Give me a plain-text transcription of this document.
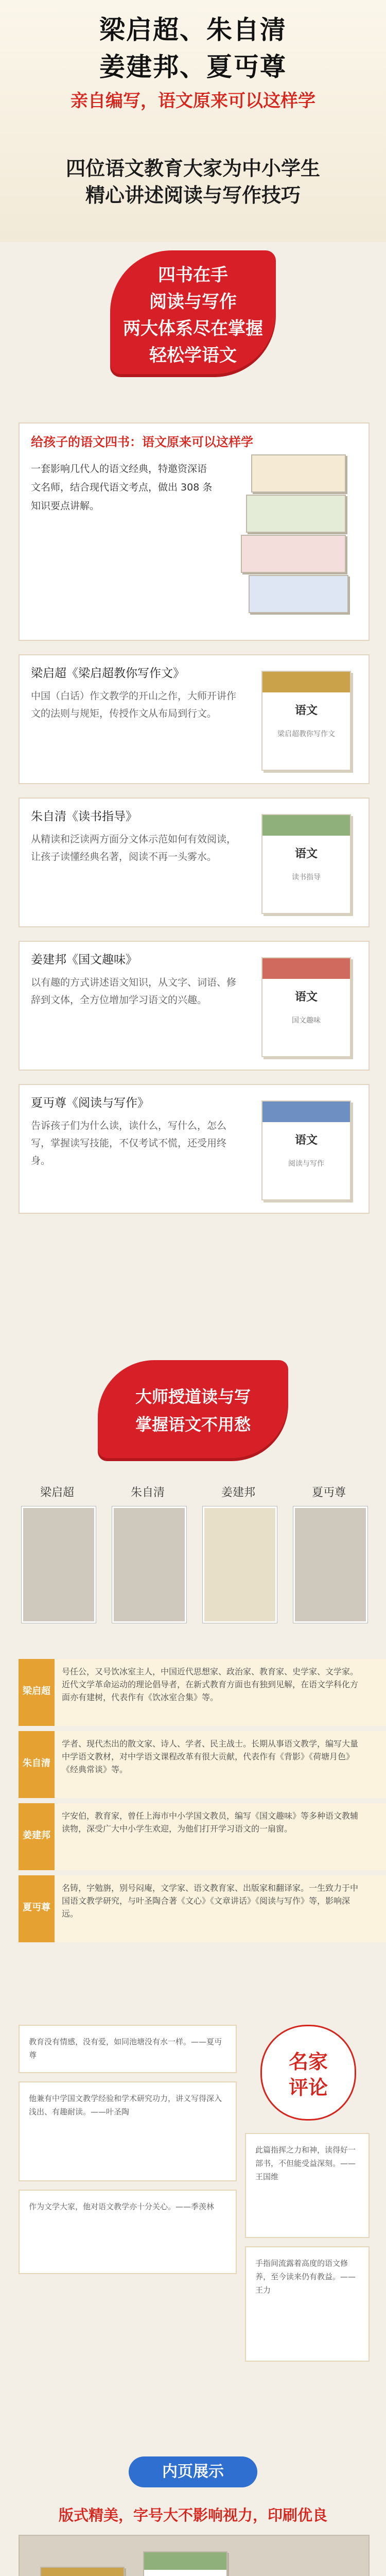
梁启超、朱自清
姜建邦、夏丏尊
亲自编写，语文原来可以这样学
四位语文教育大家为中小学生
精心讲述阅读与写作技巧
四书在手
阅读与写作
两大体系尽在掌握
轻松学语文
给孩子的语文四书：语文原来可以这样学
一套影响几代人的语文经典，特邀资深语文名师，结合现代语文考点，做出 308 条知识要点讲解。
梁启超《梁启超教你写作文》
中国（白话）作文教学的开山之作，大师开讲作文的法则与规矩，传授作文从布局到行文。	语文
梁启超教你写作文
朱自清《读书指导》
从精读和泛读两方面分文体示范如何有效阅读，让孩子读懂经典名著，阅读不再一头雾水。	语文
读书指导
姜建邦《国文趣味》
以有趣的方式讲述语文知识，从文字、词语、修辞到文体，全方位增加学习语文的兴趣。	语文
国文趣味
夏丏尊《阅读与写作》
告诉孩子们为什么读，读什么，写什么，怎么写，掌握读写技能，不仅考试不慌，还受用终身。
语文
阅读与写作
大师授道读与写
掌握语文不用愁
梁启超	朱自清	姜建邦	夏丏尊
梁启超
号任公，又号饮冰室主人，中国近代思想家、政治家、教育家、史学家、文学家。近代文学革命运动的理论倡导者，在新式教育方面也有独到见解，在语文学科化方面亦有建树，代表作有《饮冰室合集》等。
朱自清
学者、现代杰出的散文家、诗人、学者、民主战士。长期从事语文教学，编写大量中学语文教材，对中学语文课程改革有很大贡献，代表作有《背影》《荷塘月色》《经典常谈》等。
姜建邦
字安伯，教育家，曾任上海市中小学国文教员，编写《国文趣味》等多种语文教辅读物，深受广大中小学生欢迎，为他们打开学习语文的一扇窗。
夏丏尊
名铸，字勉旃，别号闷庵，文学家、语文教育家、出版家和翻译家。一生致力于中国语文教学研究，与叶圣陶合著《文心》《文章讲话》《阅读与写作》等，影响深远。
名家
评论
教育没有情感，没有爱，如同池塘没有水一样。——夏丏尊
他兼有中学国文教学经验和学术研究功力，讲义写得深入浅出、有趣耐读。——叶圣陶
此篇指挥之力和神，读得好一部书，不但能受益深刻。——王国维
作为文学大家，他对语文教学亦十分关心。——季羡林
手指间流露着高度的语文修养，至今读来仍有教益。——王力
内页展示
版式精美，字号大不影响视力，印刷优良
